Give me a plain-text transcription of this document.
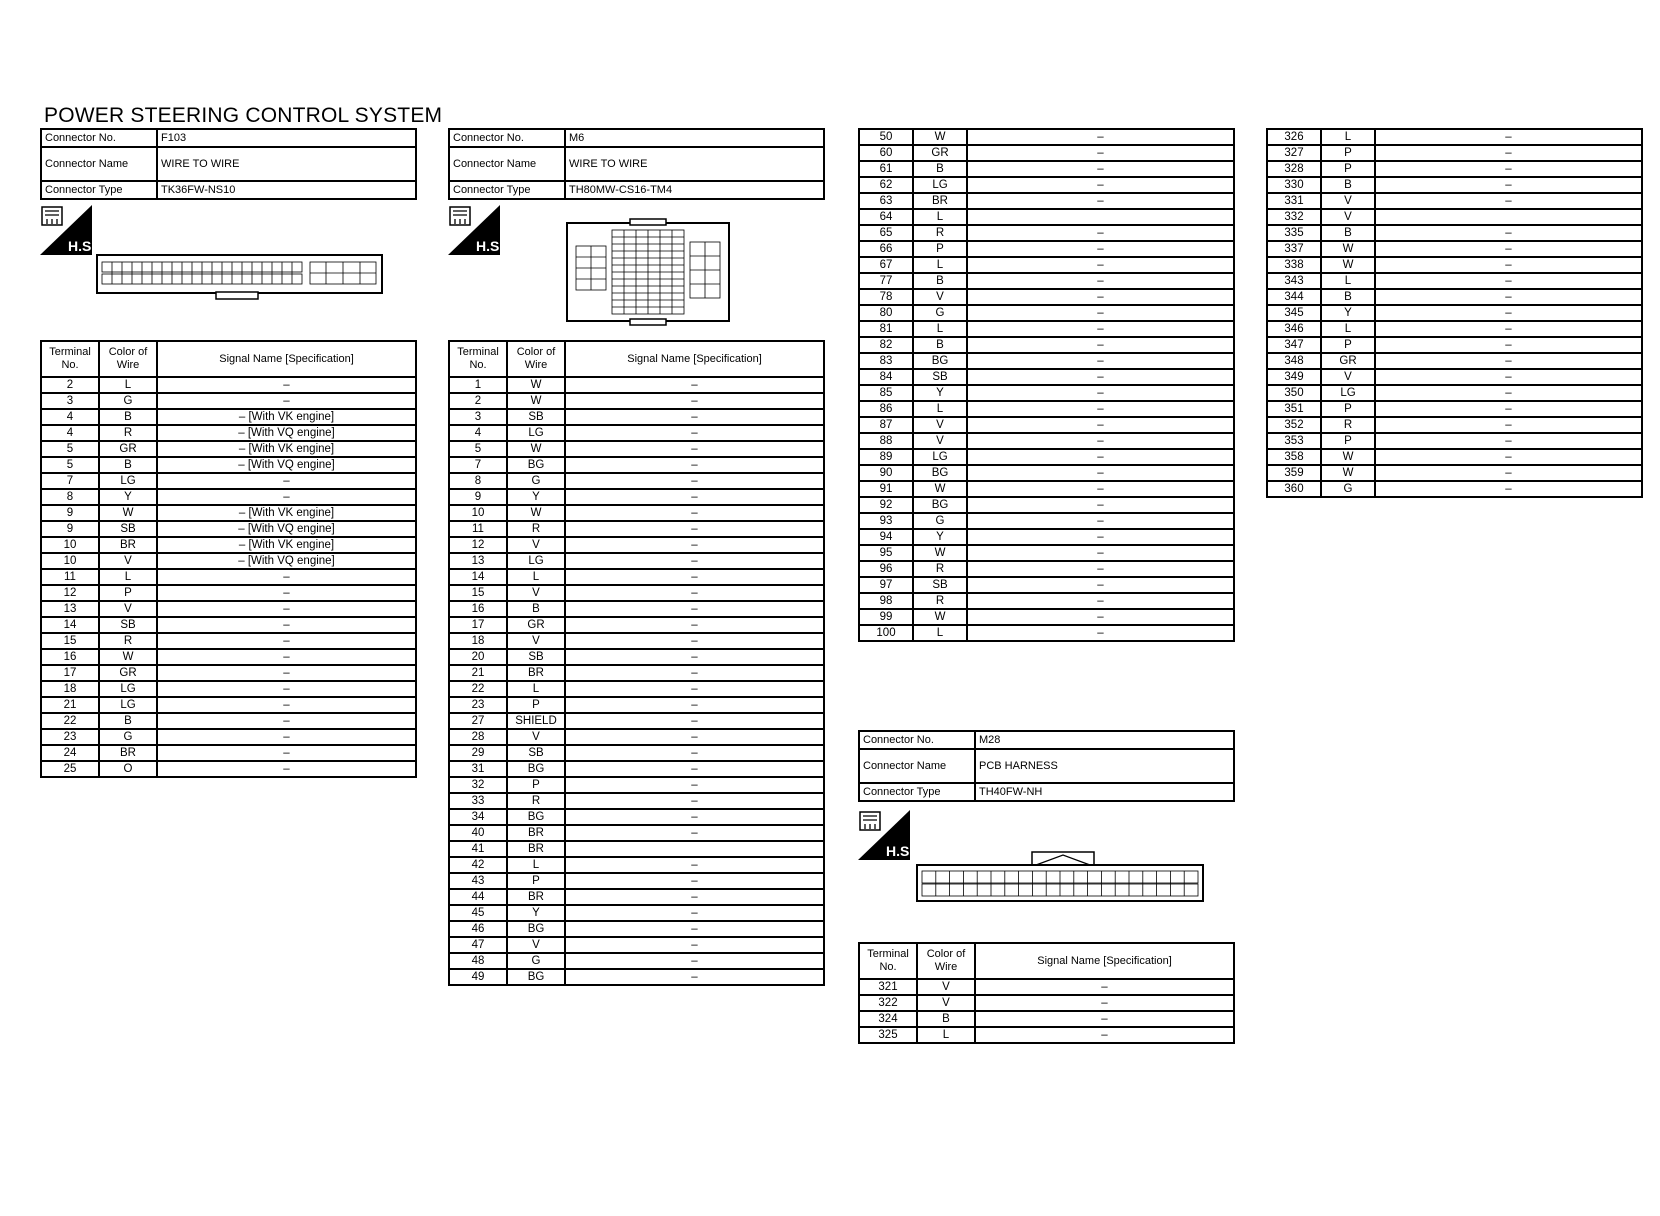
POWER STEERING CONTROL SYSTEM
Connector No.	F103
Connector Name	WIRE TO WIRE
Connector Type	TK36FW-NS10
Connector No.	M6
Connector Name	WIRE TO WIRE
Connector Type	TH80MW-CS16-TM4
H.S.	H.S.
H.S.
Terminal No.	Color of Wire	Signal Name [Specification]
2	L	–
3	G	–
4	B	– [With VK engine]
4	R	– [With VQ engine]
5	GR	– [With VK engine]
5	B	– [With VQ engine]
7	LG	–
8	Y	–
9	W	– [With VK engine]
9	SB	– [With VQ engine]
10	BR	– [With VK engine]
10	V	– [With VQ engine]
11	L	–
12	P	–
13	V	–
14	SB	–
15	R	–
16	W	–
17	GR	–
18	LG	–
21	LG	–
22	B	–
23	G	–
24	BR	–
25	O	–
Terminal No.	Color of Wire	Signal Name [Specification]
1	W	–
2	W	–
3	SB	–
4	LG	–
5	W	–
7	BG	–
8	G	–
9	Y	–
10	W	–
11	R	–
12	V	–
13	LG	–
14	L	–
15	V	–
16	B	–
17	GR	–
18	V	–
20	SB	–
21	BR	–
22	L	–
23	P	–
27	SHIELD	–
28	V	–
29	SB	–
31	BG	–
32	P	–
33	R	–
34	BG	–
40	BR	–
41	BR	
42	L	–
43	P	–
44	BR	–
45	Y	–
46	BG	–
47	V	–
48	G	–
49	BG	–
50	W	–
60	GR	–
61	B	–
62	LG	–
63	BR	–
64	L	
65	R	–
66	P	–
67	L	–
77	B	–
78	V	–
80	G	–
81	L	–
82	B	–
83	BG	–
84	SB	–
85	Y	–
86	L	–
87	V	–
88	V	–
89	LG	–
90	BG	–
91	W	–
92	BG	–
93	G	–
94	Y	–
95	W	–
96	R	–
97	SB	–
98	R	–
99	W	–
100	L	–
Connector No.	M28
Connector Name	PCB HARNESS
Connector Type	TH40FW-NH
Terminal No.	Color of Wire	Signal Name [Specification]
321	V	–
322	V	–
324	B	–
325	L	–
326	L	–
327	P	–
328	P	–
330	B	–
331	V	–
332	V	
335	B	–
337	W	–
338	W	–
343	L	–
344	B	–
345	Y	–
346	L	–
347	P	–
348	GR	–
349	V	–
350	LG	–
351	P	–
352	R	–
353	P	–
358	W	–
359	W	–
360	G	–
